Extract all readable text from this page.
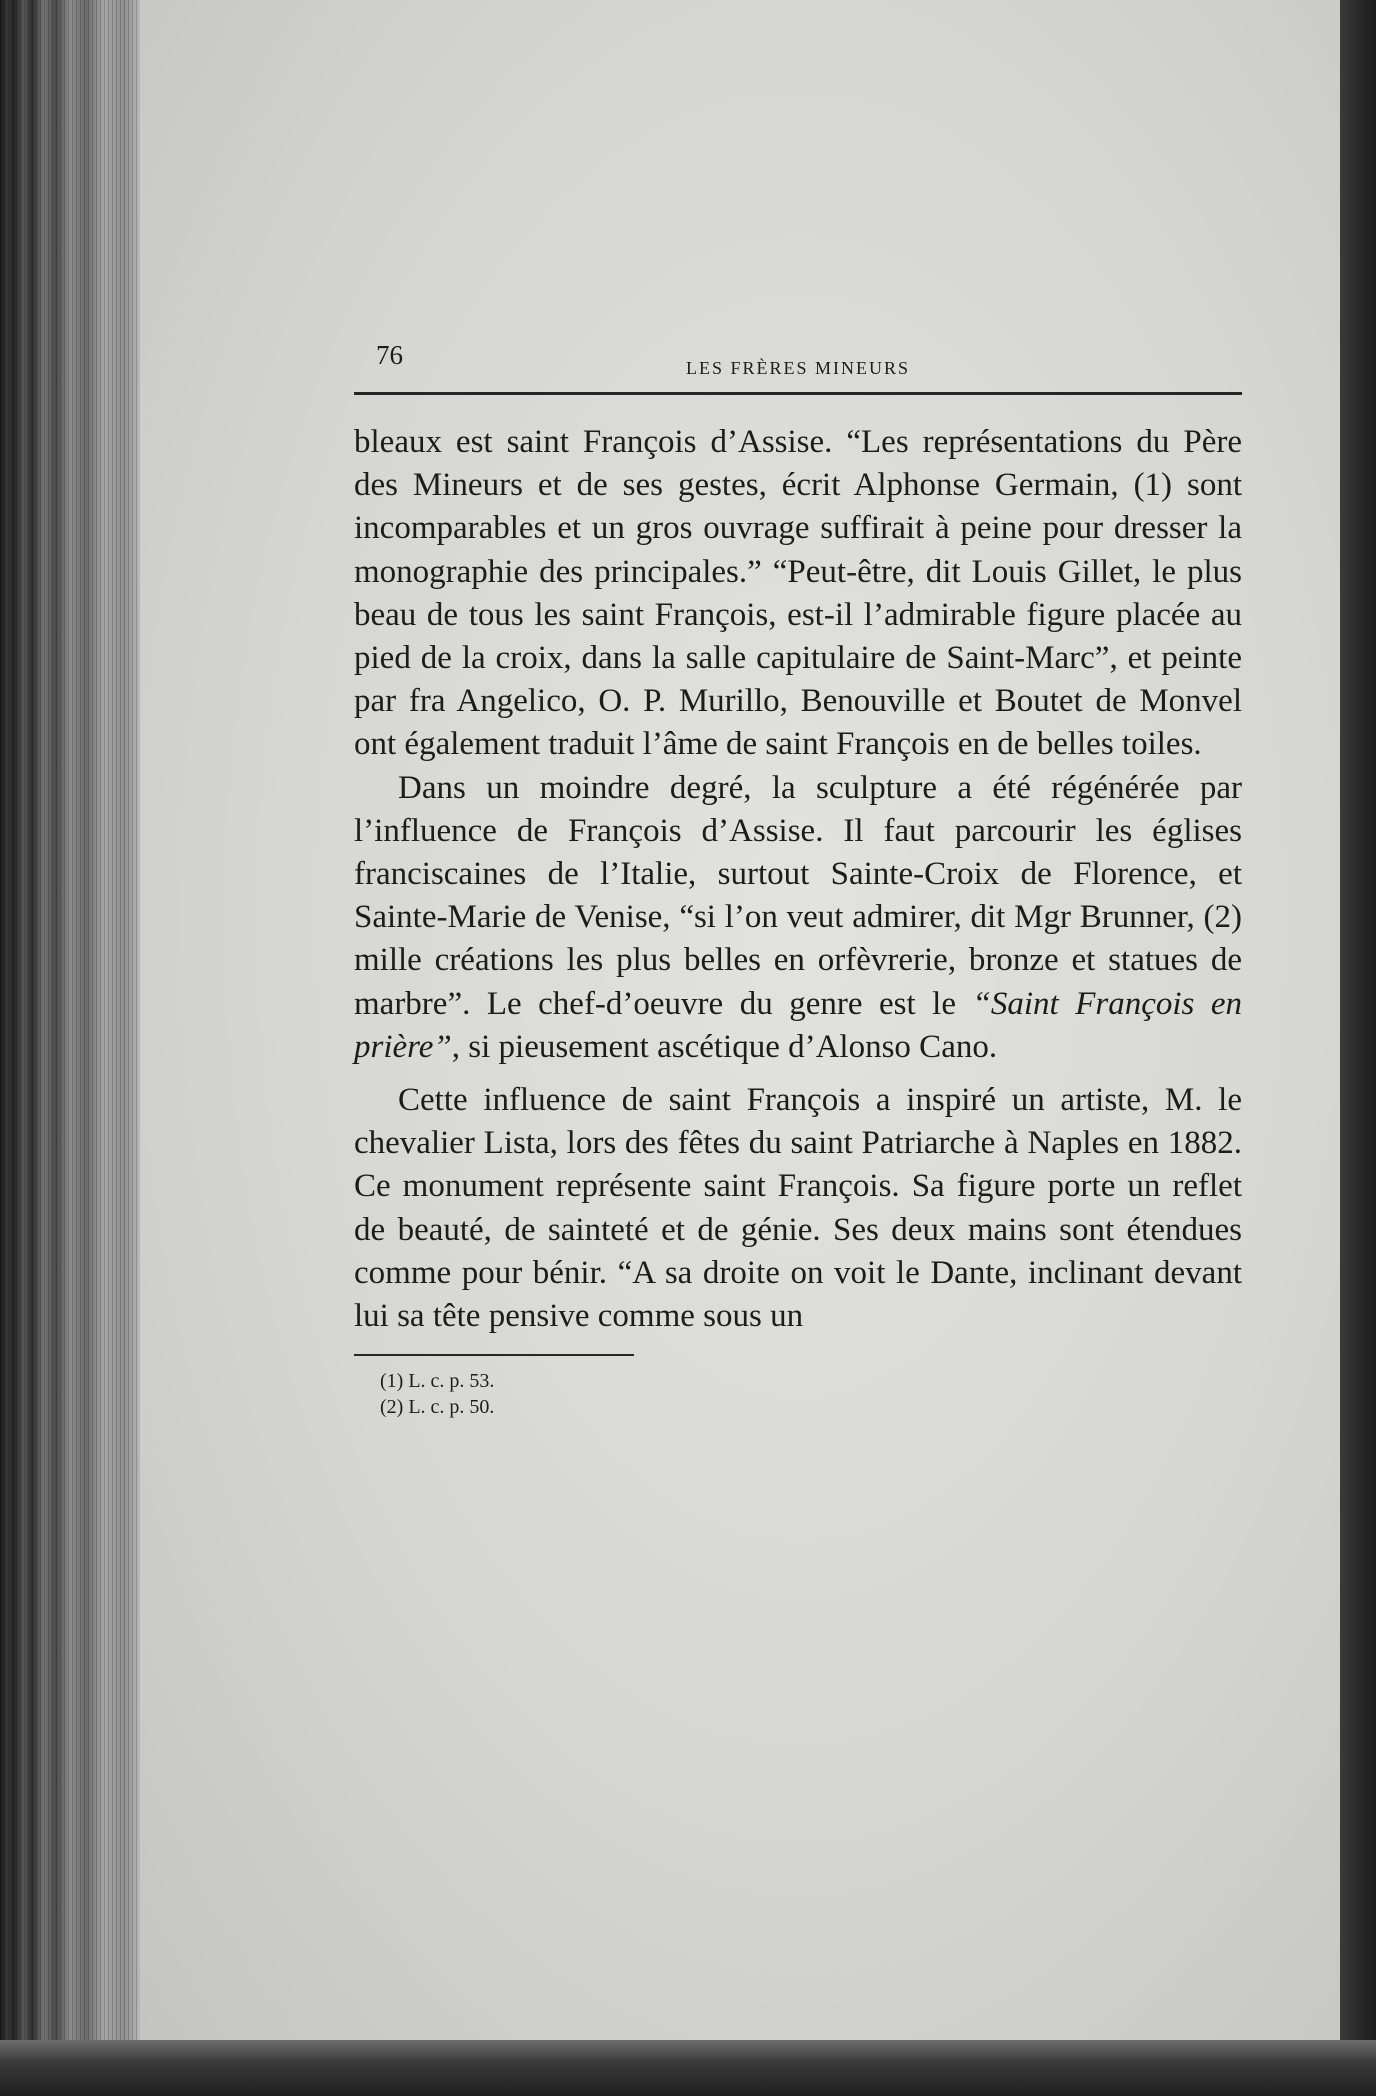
76	LES FRÈRES MINEURS

bleaux est saint François d’Assise. “Les représentations du Père des Mineurs et de ses gestes, écrit Alphonse Germain, (1) sont incomparables et un gros ouvrage suffirait à peine pour dresser la monographie des principales.” “Peut-être, dit Louis Gillet, le plus beau de tous les saint François, est-il l’admirable figure placée au pied de la croix, dans la salle capitulaire de Saint-Marc”, et peinte par fra Angelico, O. P. Murillo, Benouville et Boutet de Monvel ont également traduit l’âme de saint François en de belles toiles.

Dans un moindre degré, la sculpture a été régénérée par l’influence de François d’Assise. Il faut parcourir les églises franciscaines de l’Italie, surtout Sainte-Croix de Florence, et Sainte-Marie de Venise, “si l’on veut admirer, dit Mgr Brunner, (2) mille créations les plus belles en orfèvrerie, bronze et statues de marbre”. Le chef-d’oeuvre du genre est le “Saint François en prière”, si pieusement ascétique d’Alonso Cano.

Cette influence de saint François a inspiré un artiste, M. le chevalier Lista, lors des fêtes du saint Patriarche à Naples en 1882. Ce monument représente saint François. Sa figure porte un reflet de beauté, de sainteté et de génie. Ses deux mains sont étendues comme pour bénir. “A sa droite on voit le Dante, inclinant devant lui sa tête pensive comme sous un

(1) L. c. p. 53.
(2) L. c. p. 50.
